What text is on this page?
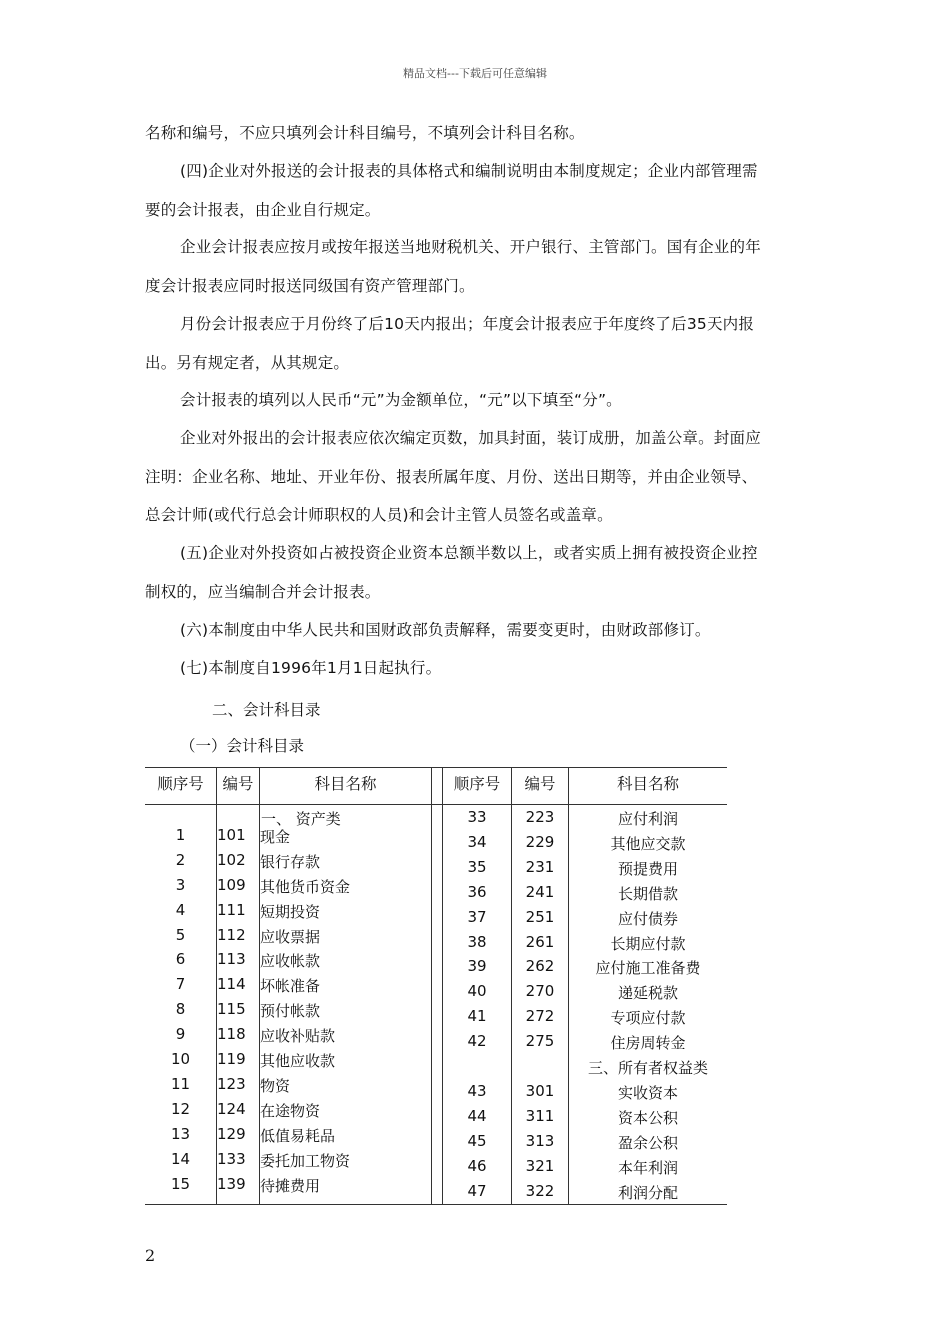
精品文档---下载后可任意编辑
名称和编号，不应只填列会计科目编号，不填列会计科目名称。
(四)企业对外报送的会计报表的具体格式和编制说明由本制度规定；企业内部管理需
要的会计报表，由企业自行规定。
企业会计报表应按月或按年报送当地财税机关、开户银行、主管部门。国有企业的年
度会计报表应同时报送同级国有资产管理部门。
月份会计报表应于月份终了后10天内报出；年度会计报表应于年度终了后35天内报
出。另有规定者，从其规定。
会计报表的填列以人民币“元”为金额单位，“元”以下填至“分”。
企业对外报出的会计报表应依次编定页数，加具封面，装订成册，加盖公章。封面应
注明：企业名称、地址、开业年份、报表所属年度、月份、送出日期等，并由企业领导、
总会计师(或代行总会计师职权的人员)和会计主管人员签名或盖章。
(五)企业对外投资如占被投资企业资本总额半数以上，或者实质上拥有被投资企业控
制权的，应当编制合并会计报表。
(六)本制度由中华人民共和国财政部负责解释，需要变更时，由财政部修订。
(七)本制度自1996年1月1日起执行。
二、会计科目录
（一）会计科目录
顺序号	编号	科目名称	顺序号	编号	科目名称
一、 资产类
1	101 现金
2	102 银行存款
3	109 其他货币资金
4	111 短期投资
5	112 应收票据
6	113 应收帐款
7	114 坏帐准备
8	115 预付帐款
9	118 应收补贴款
10	119 其他应收款
11	123 物资
12	124 在途物资
13	129 低值易耗品
14	133 委托加工物资
15	139 待摊费用
33	223	应付利润
34	229	其他应交款
35	231	预提费用
36	241	长期借款
37	251	应付债券
38	261	长期应付款
39	262	应付施工准备费
40	270	递延税款
41	272	专项应付款
42	275	住房周转金
三、所有者权益类
43	301	实收资本
44	311	资本公积
45	313	盈余公积
46	321	本年利润
47	322	利润分配
2
